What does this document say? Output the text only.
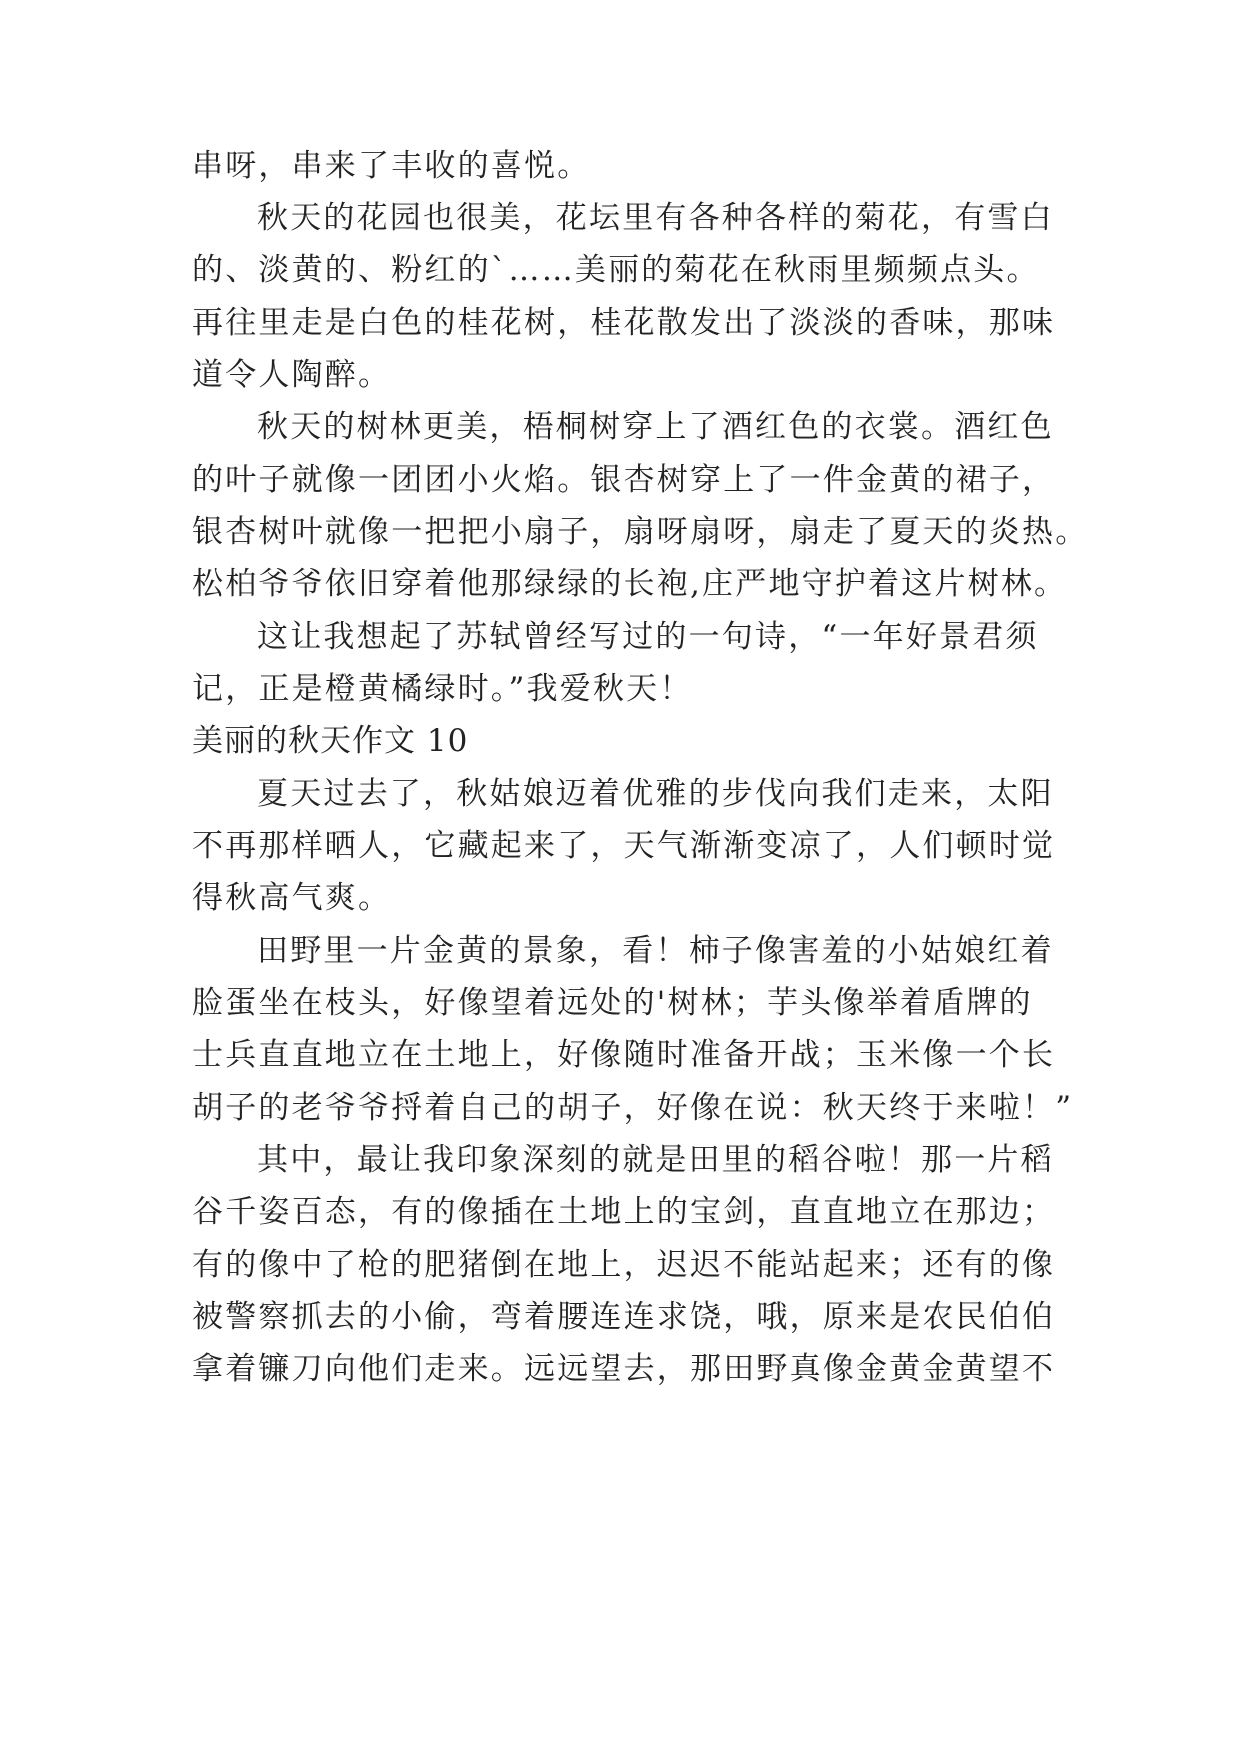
串呀，串来了丰收的喜悦。
秋天的花园也很美，花坛里有各种各样的菊花，有雪白
的、淡黄的、粉红的`……美丽的菊花在秋雨里频频点头。
再往里走是白色的桂花树，桂花散发出了淡淡的香味，那味
道令人陶醉。
秋天的树林更美，梧桐树穿上了酒红色的衣裳。酒红色
的叶子就像一团团小火焰。银杏树穿上了一件金黄的裙子，
银杏树叶就像一把把小扇子，扇呀扇呀，扇走了夏天的炎热。
松柏爷爷依旧穿着他那绿绿的长袍,庄严地守护着这片树林。
这让我想起了苏轼曾经写过的一句诗，“一年好景君须
记，正是橙黄橘绿时。”我爱秋天！
美丽的秋天作文 10
夏天过去了，秋姑娘迈着优雅的步伐向我们走来，太阳
不再那样晒人，它藏起来了，天气渐渐变凉了，人们顿时觉
得秋高气爽。
田野里一片金黄的景象，看！柿子像害羞的小姑娘红着
脸蛋坐在枝头，好像望着远处的'树林；芋头像举着盾牌的
士兵直直地立在土地上，好像随时准备开战；玉米像一个长
胡子的老爷爷捋着自己的胡子，好像在说：秋天终于来啦！”
其中，最让我印象深刻的就是田里的稻谷啦！那一片稻
谷千姿百态，有的像插在土地上的宝剑，直直地立在那边；
有的像中了枪的肥猪倒在地上，迟迟不能站起来；还有的像
被警察抓去的小偷，弯着腰连连求饶，哦，原来是农民伯伯
拿着镰刀向他们走来。远远望去，那田野真像金黄金黄望不
